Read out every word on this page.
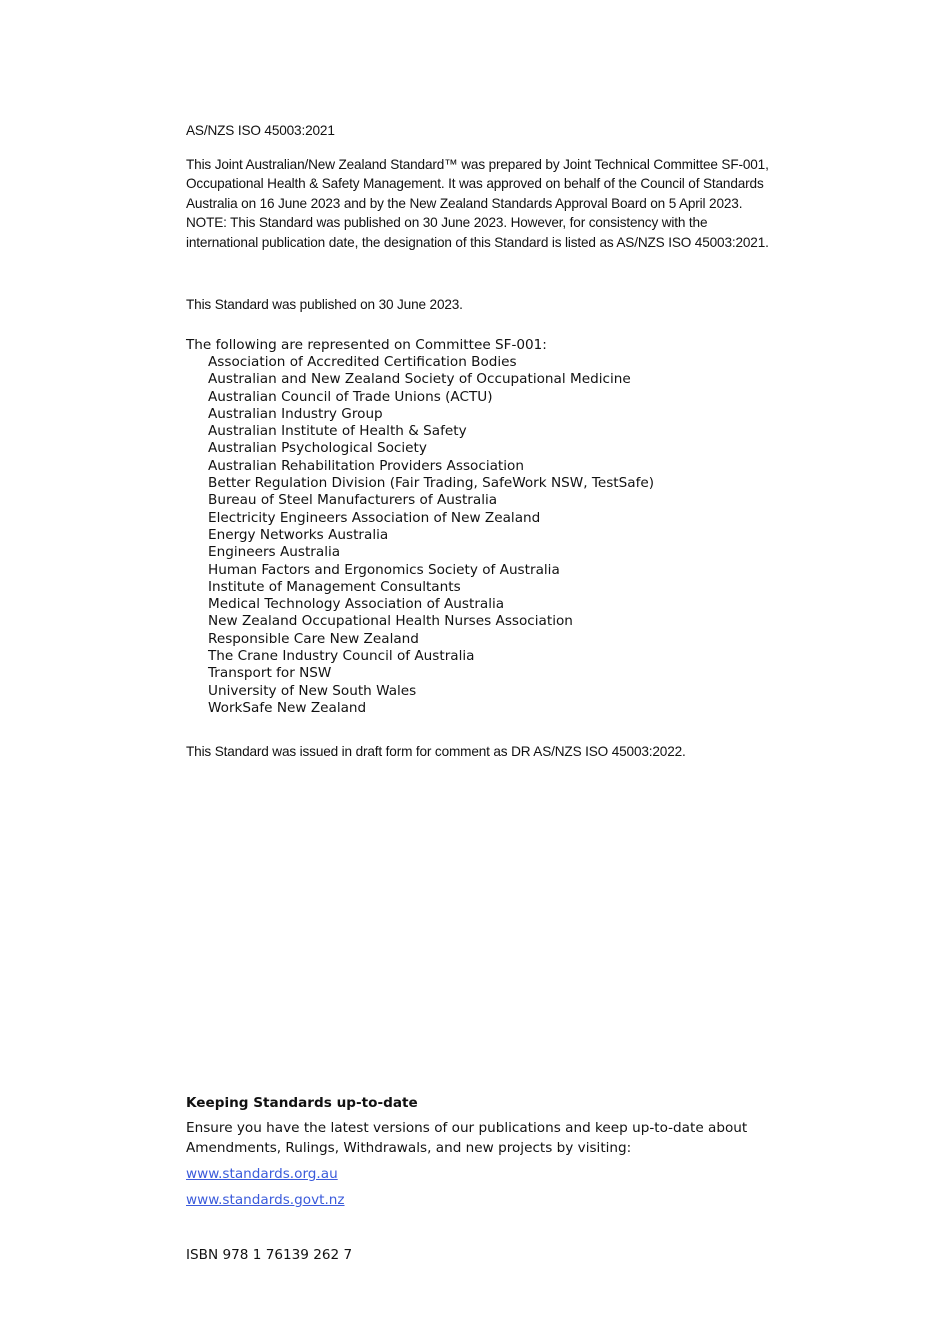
AS/NZS ISO 45003:2021

This Joint Australian/New Zealand Standard™ was prepared by Joint Technical Committee SF-001, Occupational Health & Safety Management. It was approved on behalf of the Council of Standards Australia on 16 June 2023 and by the New Zealand Standards Approval Board on 5 April 2023.

NOTE: This Standard was published on 30 June 2023. However, for consistency with the international publication date, the designation of this Standard is listed as AS/NZS ISO 45003:2021.

This Standard was published on 30 June 2023.

The following are represented on Committee SF-001:

Association of Accredited Certification Bodies
Australian and New Zealand Society of Occupational Medicine
Australian Council of Trade Unions (ACTU)
Australian Industry Group
Australian Institute of Health & Safety
Australian Psychological Society
Australian Rehabilitation Providers Association
Better Regulation Division (Fair Trading, SafeWork NSW, TestSafe)
Bureau of Steel Manufacturers of Australia
Electricity Engineers Association of New Zealand
Energy Networks Australia
Engineers Australia
Human Factors and Ergonomics Society of Australia
Institute of Management Consultants
Medical Technology Association of Australia
New Zealand Occupational Health Nurses Association
Responsible Care New Zealand
The Crane Industry Council of Australia
Transport for NSW
University of New South Wales
WorkSafe New Zealand

This Standard was issued in draft form for comment as DR AS/NZS ISO 45003:2022.

Keeping Standards up-to-date

Ensure you have the latest versions of our publications and keep up-to-date about Amendments, Rulings, Withdrawals, and new projects by visiting:

www.standards.org.au
www.standards.govt.nz

ISBN 978 1 76139 262 7
